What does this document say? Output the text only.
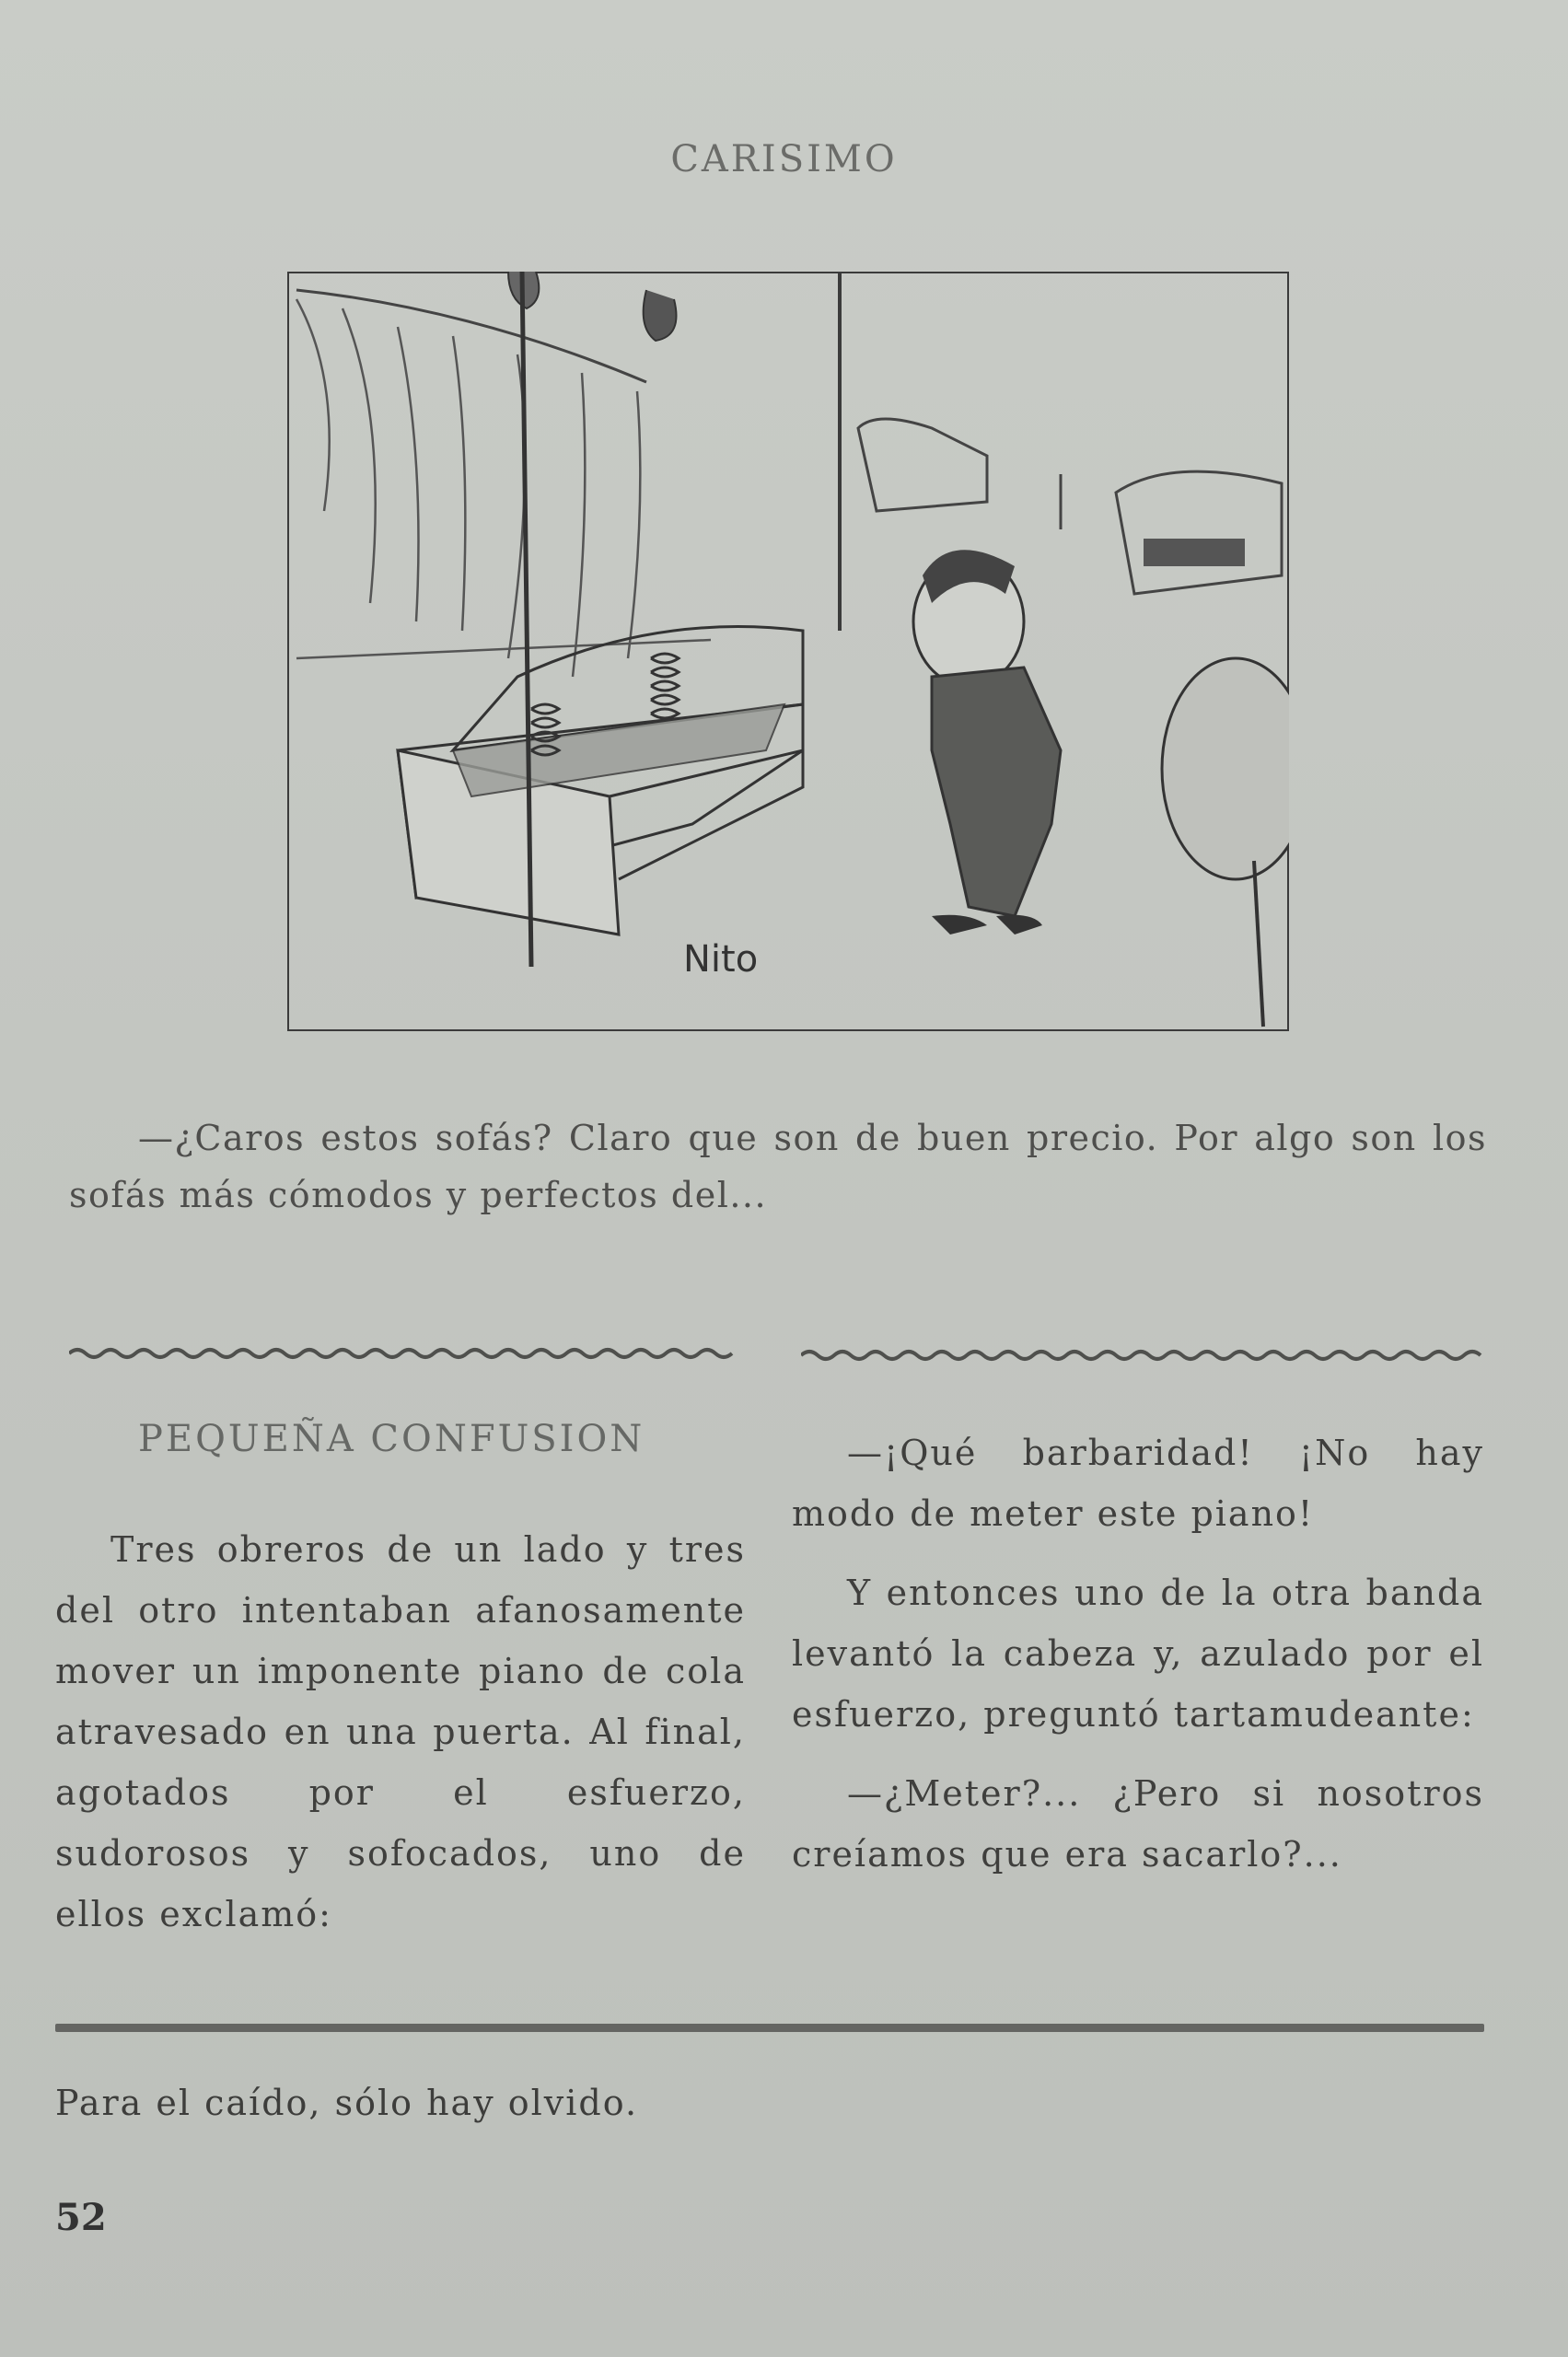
CARISIMO
Nito
—¿Caros estos sofás? Claro que son de buen precio. Por algo son los sofás más cómodos y perfectos del...
PEQUEÑA CONFUSION

Tres obreros de un lado y tres del otro intentaban afanosamente mover un imponente piano de cola atravesado en una puerta. Al final, agotados por el esfuerzo, sudorosos y sofocados, uno de ellos exclamó:

—¡Qué barbaridad! ¡No hay modo de meter este piano!

Y entonces uno de la otra banda levantó la cabeza y, azulado por el esfuerzo, preguntó tartamudeante:

—¿Meter?... ¿Pero si nosotros creíamos que era sacarlo?...

Para el caído, sólo hay olvido.
52
